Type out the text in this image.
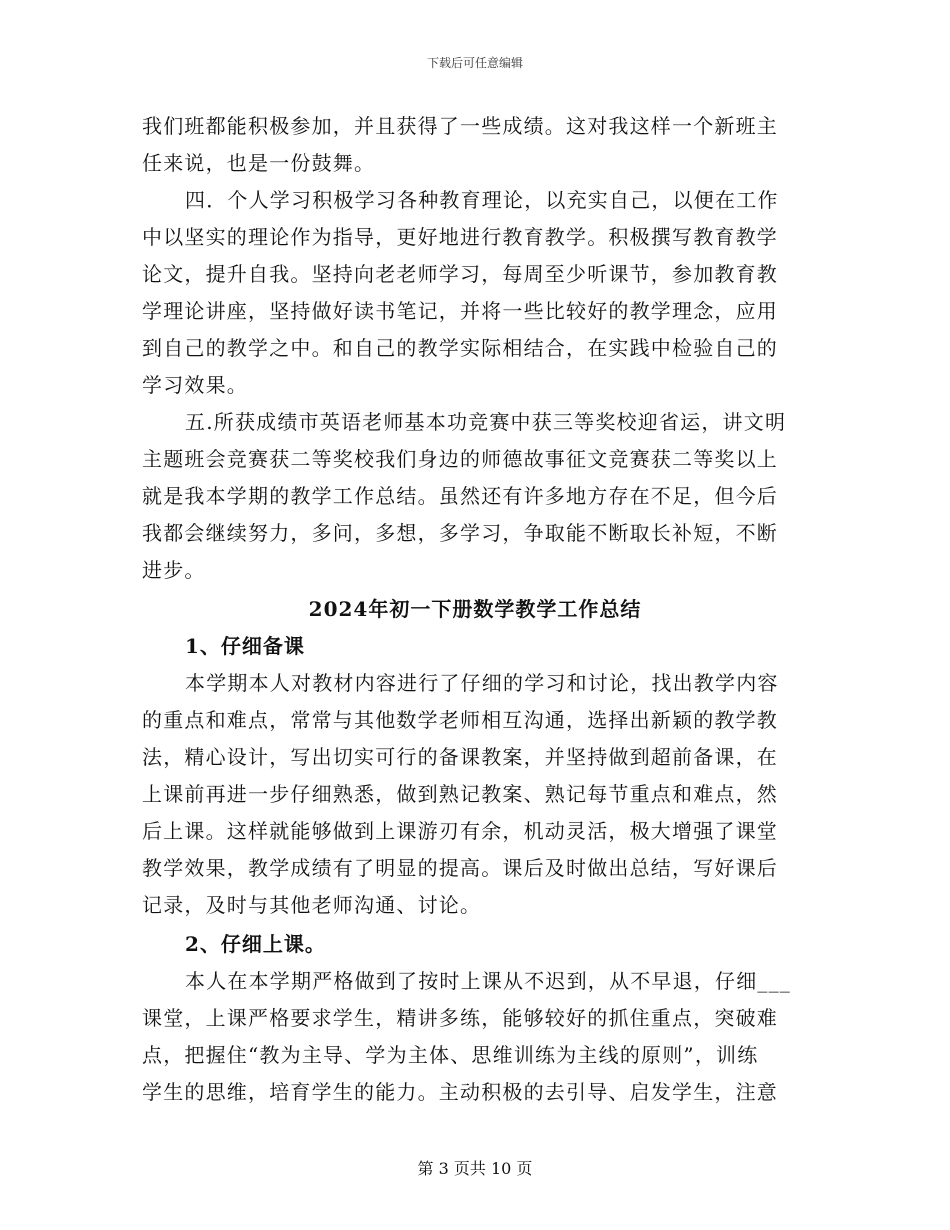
下载后可任意编辑
我们班都能积极参加，并且获得了一些成绩。这对我这样一个新班主
任来说，也是一份鼓舞。
四．个人学习积极学习各种教育理论，以充实自己，以便在工作
中以坚实的理论作为指导，更好地进行教育教学。积极撰写教育教学
论文，提升自我。坚持向老老师学习，每周至少听课节，参加教育教
学理论讲座，坚持做好读书笔记，并将一些比较好的教学理念，应用
到自己的教学之中。和自己的教学实际相结合，在实践中检验自己的
学习效果。
五.所获成绩市英语老师基本功竞赛中获三等奖校迎省运，讲文明
主题班会竞赛获二等奖校我们身边的师德故事征文竞赛获二等奖以上
就是我本学期的教学工作总结。虽然还有许多地方存在不足，但今后
我都会继续努力，多问，多想，多学习，争取能不断取长补短，不断
进步。
2024年初一下册数学教学工作总结
1、仔细备课
本学期本人对教材内容进行了仔细的学习和讨论，找出教学内容
的重点和难点，常常与其他数学老师相互沟通，选择出新颖的教学教
法，精心设计，写出切实可行的备课教案，并坚持做到超前备课，在
上课前再进一步仔细熟悉，做到熟记教案、熟记每节重点和难点，然
后上课。这样就能够做到上课游刃有余，机动灵活，极大增强了课堂
教学效果，教学成绩有了明显的提高。课后及时做出总结，写好课后
记录，及时与其他老师沟通、讨论。
2、仔细上课。
本人在本学期严格做到了按时上课从不迟到，从不早退，仔细___
课堂，上课严格要求学生，精讲多练，能够较好的抓住重点，突破难
点，把握住“教为主导、学为主体、思维训练为主线的原则”，训练
学生的思维，培育学生的能力。主动积极的去引导、启发学生，注意
第 3 页共 10 页
